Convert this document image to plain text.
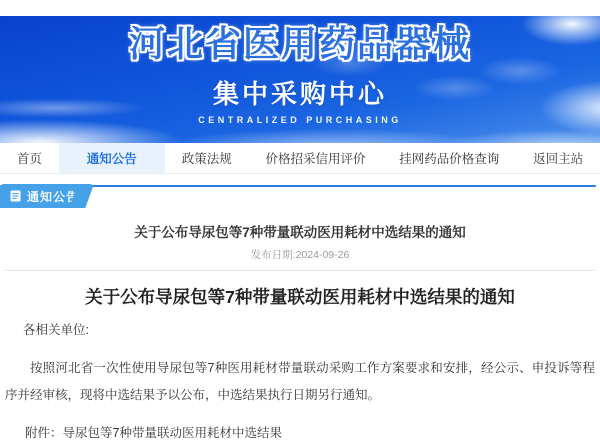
河北省医用药品器械
集中采购中心
CENTRALIZED PURCHASING
首页	通知公告	政策法规	价格招采信用评价	挂网药品价格查询	返回主站
通知公告
关于公布导尿包等7种带量联动医用耗材中选结果的通知
发布日期:2024-09-26
关于公布导尿包等7种带量联动医用耗材中选结果的通知
各相关单位:
按照河北省一次性使用导尿包等7种医用耗材带量联动采购工作方案要求和安排，经公示、申投诉等程序并经审核，现将中选结果予以公布，中选结果执行日期另行通知。
附件：导尿包等7种带量联动医用耗材中选结果
